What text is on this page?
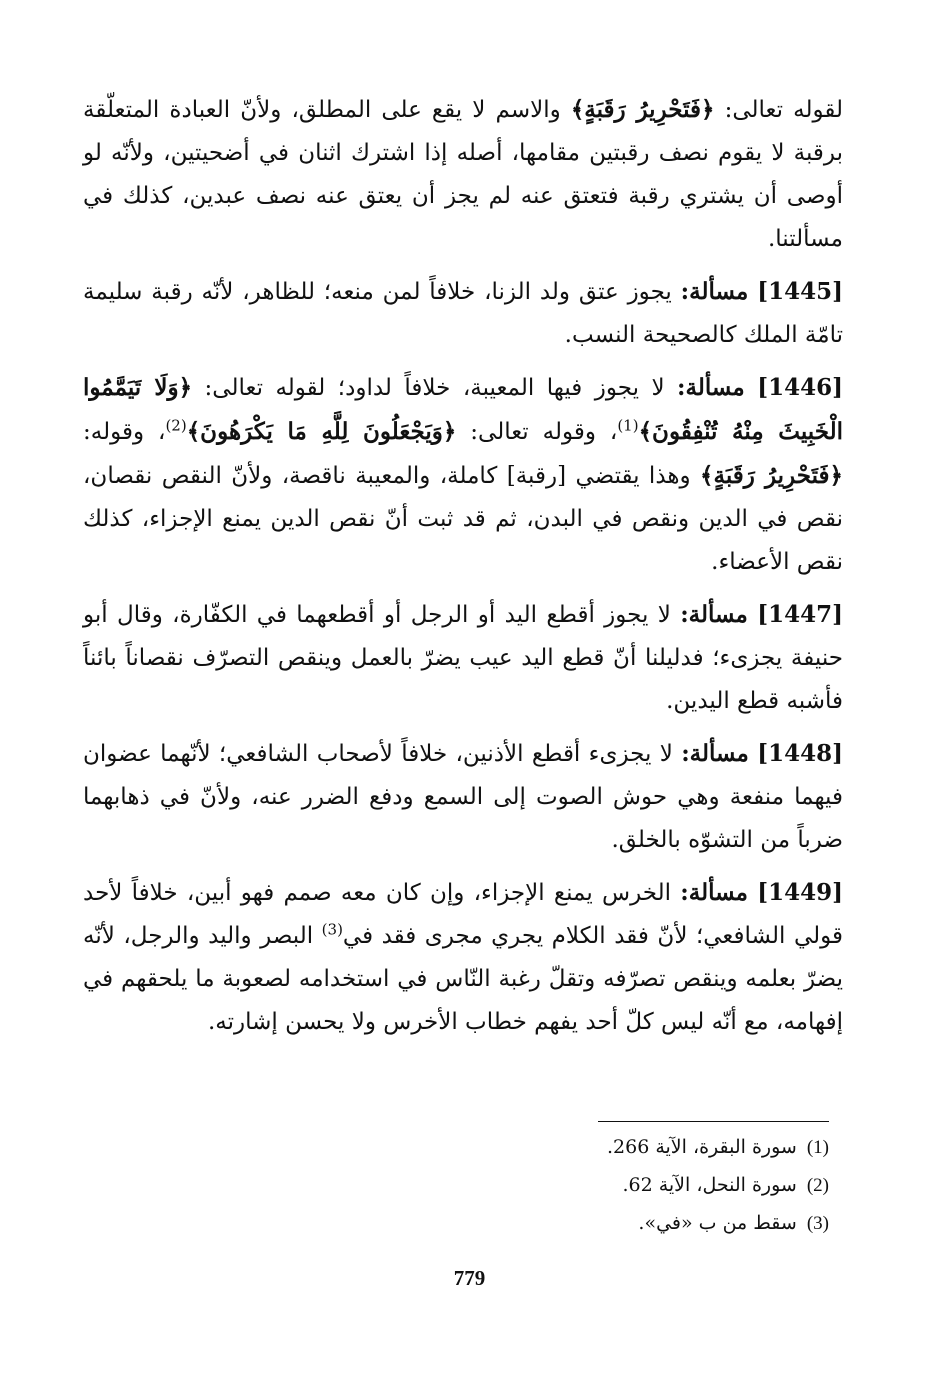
لقوله تعالى: ﴿فَتَحْرِيرُ رَقَبَةٍ﴾ والاسم لا يقع على المطلق، ولأنّ العبادة المتعلّقة برقبة لا يقوم نصف رقبتين مقامها، أصله إذا اشترك اثنان في أضحيتين، ولأنّه لو أوصى أن يشتري رقبة فتعتق عنه لم يجز أن يعتق عنه نصف عبدين، كذلك في مسألتنا.

[1445] مسألة: يجوز عتق ولد الزنا، خلافاً لمن منعه؛ للظاهر، لأنّه رقبة سليمة تامّة الملك كالصحيحة النسب.

[1446] مسألة: لا يجوز فيها المعيبة، خلافاً لداود؛ لقوله تعالى: ﴿وَلَا تَيَمَّمُوا الْخَبِيثَ مِنْهُ تُنْفِقُونَ﴾$^{(1)}$، وقوله تعالى: ﴿وَيَجْعَلُونَ لِلَّهِ مَا يَكْرَهُونَ﴾$^{(2)}$، وقوله: ﴿فَتَحْرِيرُ رَقَبَةٍ﴾ وهذا يقتضي [رقبة] كاملة، والمعيبة ناقصة، ولأنّ النقص نقصان، نقص في الدين ونقص في البدن، ثم قد ثبت أنّ نقص الدين يمنع الإجزاء، كذلك نقص الأعضاء.

[1447] مسألة: لا يجوز أقطع اليد أو الرجل أو أقطعهما في الكفّارة، وقال أبو حنيفة يجزىء؛ فدليلنا أنّ قطع اليد عيب يضرّ بالعمل وينقص التصرّف نقصاناً بائناً فأشبه قطع اليدين.

[1448] مسألة: لا يجزىء أقطع الأذنين، خلافاً لأصحاب الشافعي؛ لأنّهما عضوان فيهما منفعة وهي حوش الصوت إلى السمع ودفع الضرر عنه، ولأنّ في ذهابهما ضرباً من التشوّه بالخلق.

[1449] مسألة: الخرس يمنع الإجزاء، وإن كان معه صمم فهو أبين، خلافاً لأحد قولي الشافعي؛ لأنّ فقد الكلام يجري مجرى فقد في$^{(3)}$ البصر واليد والرجل، لأنّه يضرّ بعلمه وينقص تصرّفه وتقلّ رغبة النّاس في استخدامه لصعوبة ما يلحقهم في إفهامه، مع أنّه ليس كلّ أحد يفهم خطاب الأخرس ولا يحسن إشارته.

(1)سورة البقرة، الآية 266.
(2)سورة النحل، الآية 62.
(3)سقط من ب «في».
779
